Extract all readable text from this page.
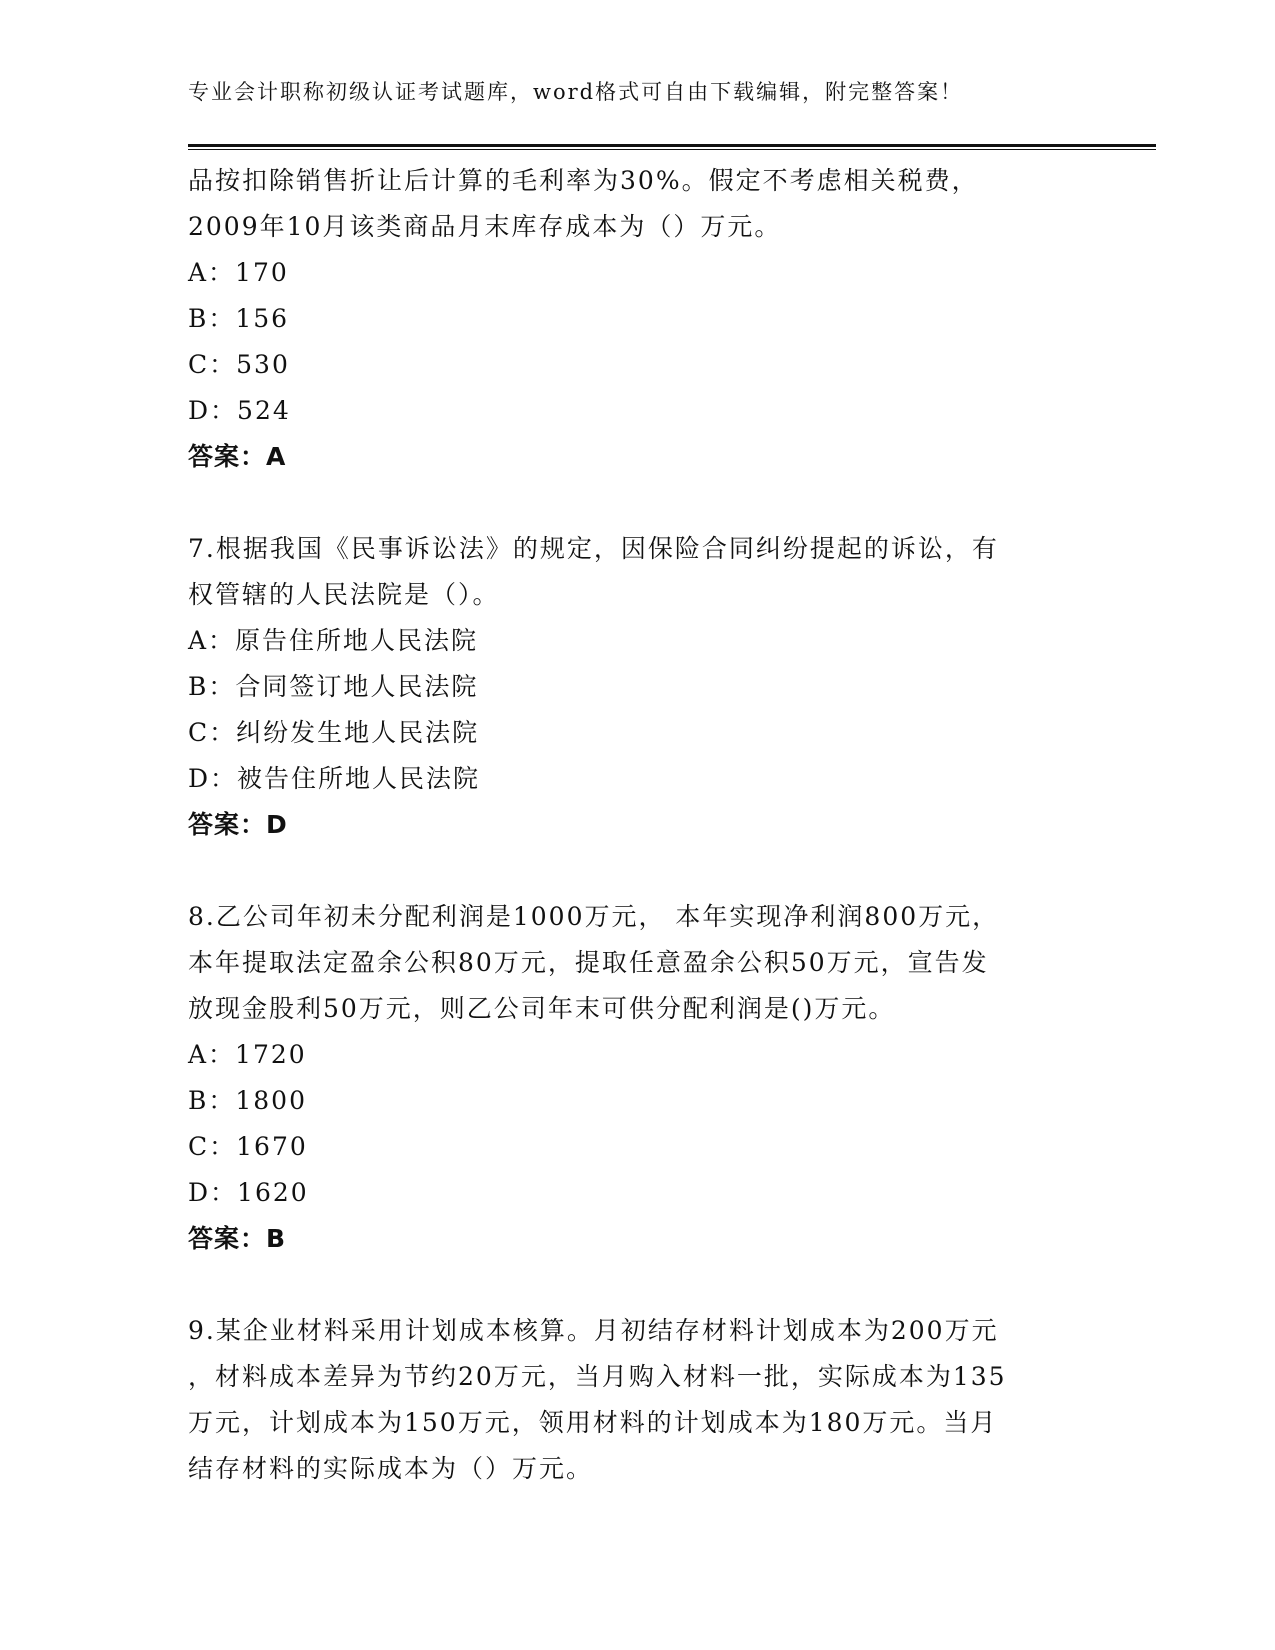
专业会计职称初级认证考试题库，word格式可自由下载编辑，附完整答案！
品按扣除销售折让后计算的毛利率为30%。假定不考虑相关税费，
2009年10月该类商品月末库存成本为（）万元。
A：170
B：156
C：530
D：524
答案：A
7.根据我国《民事诉讼法》的规定，因保险合同纠纷提起的诉讼，有
权管辖的人民法院是（）。
A：原告住所地人民法院
B：合同签订地人民法院
C：纠纷发生地人民法院
D：被告住所地人民法院
答案：D
8.乙公司年初未分配利润是1000万元， 本年实现净利润800万元，
本年提取法定盈余公积80万元，提取任意盈余公积50万元，宣告发
放现金股利50万元，则乙公司年末可供分配利润是()万元。
A：1720
B：1800
C：1670
D：1620
答案：B
9.某企业材料采用计划成本核算。月初结存材料计划成本为200万元
，材料成本差异为节约20万元，当月购入材料一批，实际成本为135
万元，计划成本为150万元，领用材料的计划成本为180万元。当月
结存材料的实际成本为（）万元。
